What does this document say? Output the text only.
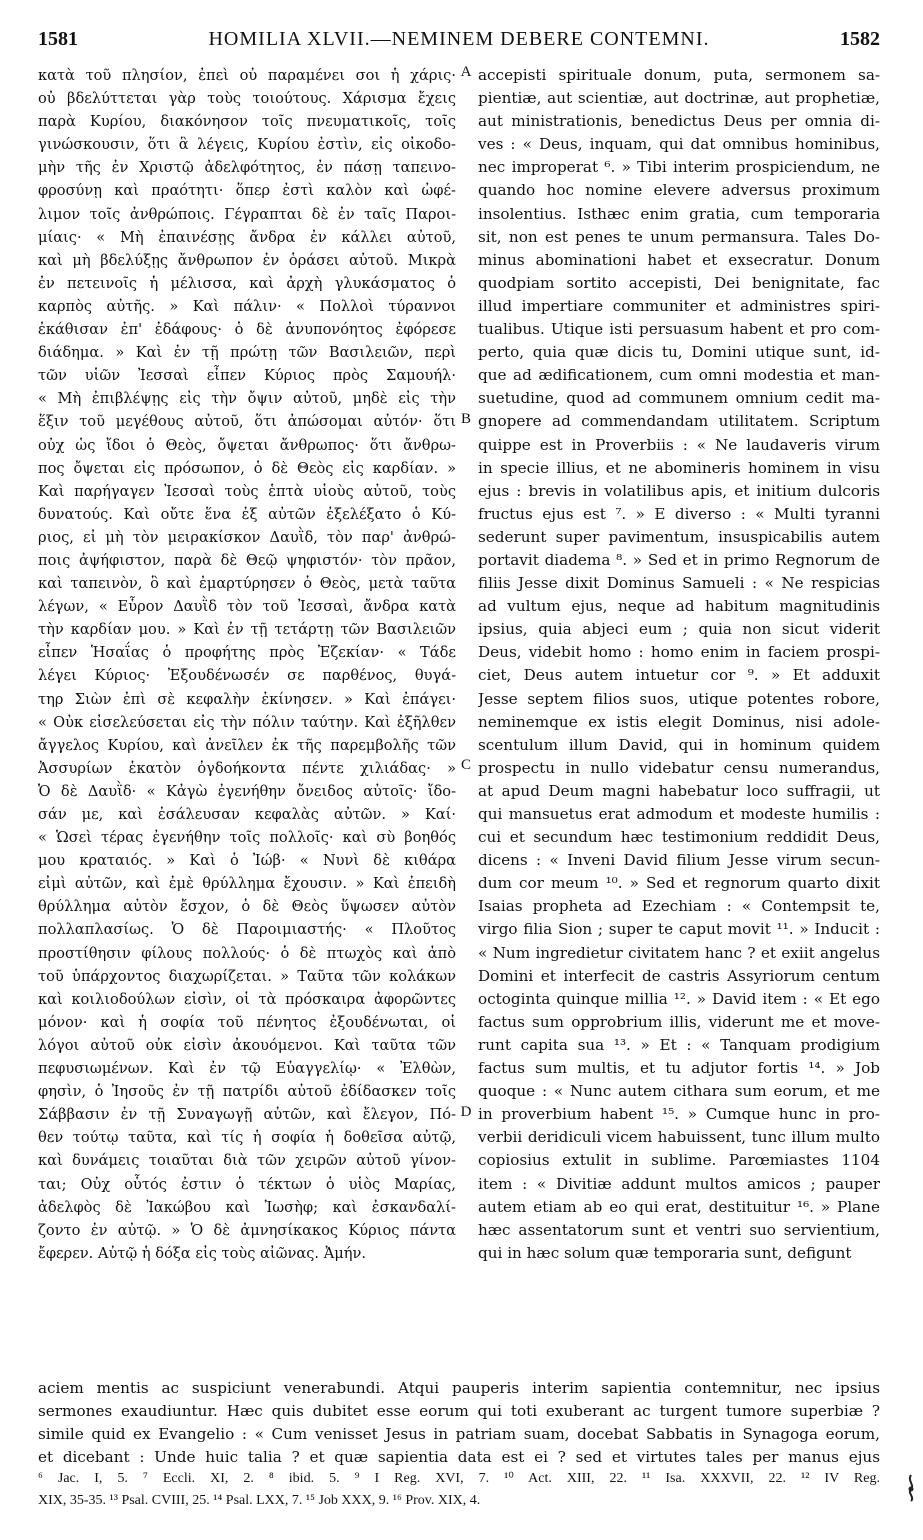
1581	HOMILIA XLVII.—NEMINEM DEBERE CONTEMNI.	1582
κατὰ τοῦ πλησίον, ἐπεὶ οὐ παραμένει σοι ἡ χάρις·
οὐ βδελύττεται γὰρ τοὺς τοιούτους. Χάρισμα ἔχεις
παρὰ Κυρίου, διακόνησον τοῖς πνευματικοῖς, τοῖς
γινώσκουσιν, ὅτι ἃ λέγεις, Κυρίου ἐστὶν, εἰς οἰκοδο-
μὴν τῆς ἐν Χριστῷ ἀδελφότητος, ἐν πάσῃ ταπεινο-
φροσύνῃ καὶ πραότητι· ὅπερ ἐστὶ καλὸν καὶ ὠφέ-
λιμον τοῖς ἀνθρώποις. Γέγραπται δὲ ἐν ταῖς Παροι-
μίαις· « Μὴ ἐπαινέσῃς ἄνδρα ἐν κάλλει αὐτοῦ,
καὶ μὴ βδελύξῃς ἄνθρωπον ἐν ὁράσει αὐτοῦ. Μικρὰ
ἐν πετεινοῖς ἡ μέλισσα, καὶ ἀρχὴ γλυκάσματος ὁ
καρπὸς αὐτῆς. » Καὶ πάλιν· « Πολλοὶ τύραννοι
ἐκάθισαν ἐπ' ἐδάφους· ὁ δὲ ἀνυπονόητος ἐφόρεσε
διάδημα. » Καὶ ἐν τῇ πρώτῃ τῶν Βασιλειῶν, περὶ
τῶν υἱῶν Ἰεσσαὶ εἶπεν Κύριος πρὸς Σαμουήλ·
« Μὴ ἐπιβλέψῃς εἰς τὴν ὄψιν αὐτοῦ, μηδὲ εἰς τὴν
ἕξιν τοῦ μεγέθους αὐτοῦ, ὅτι ἀπώσομαι αὐτόν· ὅτι
οὐχ ὡς ἴδοι ὁ Θεὸς, ὄψεται ἄνθρωπος· ὅτι ἄνθρω-
πος ὄψεται εἰς πρόσωπον, ὁ δὲ Θεὸς εἰς καρδίαν. »
Καὶ παρήγαγεν Ἰεσσαὶ τοὺς ἑπτὰ υἱοὺς αὐτοῦ, τοὺς
δυνατούς. Καὶ οὔτε ἕνα ἐξ αὐτῶν ἐξελέξατο ὁ Κύ-
ριος, εἰ μὴ τὸν μειρακίσκον Δαυῒδ, τὸν παρ' ἀνθρώ-
ποις ἀψήφιστον, παρὰ δὲ Θεῷ ψηφιστόν· τὸν πρᾶον,
καὶ ταπεινὸν, ὃ καὶ ἐμαρτύρησεν ὁ Θεὸς, μετὰ ταῦτα
λέγων, « Εὗρον Δαυῒδ τὸν τοῦ Ἰεσσαὶ, ἄνδρα κατὰ
τὴν καρδίαν μου. » Καὶ ἐν τῇ τετάρτῃ τῶν Βασιλειῶν
εἶπεν Ἡσαΐας ὁ προφήτης πρὸς Ἐζεκίαν· « Τάδε
λέγει Κύριος· Ἐξουδένωσέν σε παρθένος, θυγά-
τηρ Σιὼν ἐπὶ σὲ κεφαλὴν ἐκίνησεν. » Καὶ ἐπάγει·
« Οὐκ εἰσελεύσεται εἰς τὴν πόλιν ταύτην. Καὶ ἐξῆλθεν
ἄγγελος Κυρίου, καὶ ἀνεῖλεν ἐκ τῆς παρεμβολῆς τῶν
Ἀσσυρίων ἑκατὸν ὀγδοήκοντα πέντε χιλιάδας· »
Ὁ δὲ Δαυῒδ· « Κἀγὼ ἐγενήθην ὄνειδος αὐτοῖς· ἴδο-
σάν με, καὶ ἐσάλευσαν κεφαλὰς αὐτῶν. » Καί·
« Ὡσεὶ τέρας ἐγενήθην τοῖς πολλοῖς· καὶ σὺ βοηθός
μου κραταιός. » Καὶ ὁ Ἰώβ· « Νυνὶ δὲ κιθάρα
εἰμὶ αὐτῶν, καὶ ἐμὲ θρύλλημα ἔχουσιν. » Καὶ ἐπειδὴ
θρύλλημα αὐτὸν ἔσχον, ὁ δὲ Θεὸς ὕψωσεν αὐτὸν
πολλαπλασίως. Ὁ δὲ Παροιμιαστής· « Πλοῦτος
προστίθησιν φίλους πολλούς· ὁ δὲ πτωχὸς καὶ ἀπὸ
τοῦ ὑπάρχοντος διαχωρίζεται. » Ταῦτα τῶν κολάκων
καὶ κοιλιοδούλων εἰσὶν, οἱ τὰ πρόσκαιρα ἀφορῶντες
μόνον· καὶ ἡ σοφία τοῦ πένητος ἐξουδένωται, οἱ
λόγοι αὐτοῦ οὐκ εἰσὶν ἀκουόμενοι. Καὶ ταῦτα τῶν
πεφυσιωμένων. Καὶ ἐν τῷ Εὐαγγελίῳ· « Ἐλθὼν,
φησὶν, ὁ Ἰησοῦς ἐν τῇ πατρίδι αὐτοῦ ἐδίδασκεν τοῖς
Σάββασιν ἐν τῇ Συναγωγῇ αὐτῶν, καὶ ἔλεγον, Πό-
θεν τούτῳ ταῦτα, καὶ τίς ἡ σοφία ἡ δοθεῖσα αὐτῷ,
καὶ δυνάμεις τοιαῦται διὰ τῶν χειρῶν αὐτοῦ γίνον-
ται; Οὐχ οὗτός ἐστιν ὁ τέκτων ὁ υἱὸς Μαρίας,
ἀδελφὸς δὲ Ἰακώβου καὶ Ἰωσὴφ; καὶ ἐσκανδαλί-
ζοντο ἐν αὐτῷ. » Ὁ δὲ ἀμνησίκακος Κύριος πάντα
ἔφερεν. Αὐτῷ ἡ δόξα εἰς τοὺς αἰῶνας. Ἀμήν.
A
B
C
D
accepisti spirituale donum, puta, sermonem sa-
pientiæ, aut scientiæ, aut doctrinæ, aut prophetiæ,
aut ministrationis, benedictus Deus per omnia di-
ves : « Deus, inquam, qui dat omnibus hominibus,
nec improperat ⁶. » Tibi interim prospiciendum, ne
quando hoc nomine elevere adversus proximum
insolentius. Isthæc enim gratia, cum temporaria
sit, non est penes te unum permansura. Tales Do-
minus abominationi habet et exsecratur. Donum
quodpiam sortito accepisti, Dei benignitate, fac
illud impertiare communiter et administres spiri-
tualibus. Utique isti persuasum habent et pro com-
perto, quia quæ dicis tu, Domini utique sunt, id-
que ad ædificationem, cum omni modestia et man-
suetudine, quod ad communem omnium cedit ma-
gnopere ad commendandam utilitatem. Scriptum
quippe est in Proverbiis : « Ne laudaveris virum
in specie illius, et ne abomineris hominem in visu
ejus : brevis in volatilibus apis, et initium dulcoris
fructus ejus est ⁷. » E diverso : « Multi tyranni
sederunt super pavimentum, insuspicabilis autem
portavit diadema ⁸. » Sed et in primo Regnorum de
filiis Jesse dixit Dominus Samueli : « Ne respicias
ad vultum ejus, neque ad habitum magnitudinis
ipsius, quia abjeci eum ; quia non sicut viderit
Deus, videbit homo : homo enim in faciem prospi-
ciet, Deus autem intuetur cor ⁹. » Et adduxit
Jesse septem filios suos, utique potentes robore,
neminemque ex istis elegit Dominus, nisi adole-
scentulum illum David, qui in hominum quidem
prospectu in nullo videbatur censu numerandus,
at apud Deum magni habebatur loco suffragii, ut
qui mansuetus erat admodum et modeste humilis :
cui et secundum hæc testimonium reddidit Deus,
dicens : « Inveni David filium Jesse virum secun-
dum cor meum ¹⁰. » Sed et regnorum quarto dixit
Isaias propheta ad Ezechiam : « Contempsit te,
virgo filia Sion ; super te caput movit ¹¹. » Inducit :
« Num ingredietur civitatem hanc ? et exiit angelus
Domini et interfecit de castris Assyriorum centum
octoginta quinque millia ¹². » David item : « Et ego
factus sum opprobrium illis, viderunt me et move-
runt capita sua ¹³. » Et : « Tanquam prodigium
factus sum multis, et tu adjutor fortis ¹⁴. » Job
quoque : « Nunc autem cithara sum eorum, et me
in proverbium habent ¹⁵. » Cumque hunc in pro-
verbii deridiculi vicem habuissent, tunc illum multo
copiosius extulit in sublime. Parœmiastes 1104
item : « Divitiæ addunt multos amicos ; pauper
autem etiam ab eo qui erat, destituitur ¹⁶. » Plane
hæc assentatorum sunt et ventri suo servientium,
qui in hæc solum quæ temporaria sunt, defigunt
aciem mentis ac suspiciunt venerabundi. Atqui pauperis interim sapientia contemnitur, nec ipsius
sermones exaudiuntur. Hæc quis dubitet esse eorum qui toti exuberant ac turgent tumore superbiæ ?
simile quid ex Evangelio : « Cum venisset Jesus in patriam suam, docebat Sabbatis in Synagoga eorum,
et dicebant : Unde huic talia ? et quæ sapientia data est ei ? sed et virtutes tales per manus ejus
⁶ Jac. I, 5. ⁷ Eccli. XI, 2. ⁸ ibid. 5. ⁹ I Reg. XVI, 7. ¹⁰ Act. XIII, 22. ¹¹ Isa. XXXVII, 22. ¹² IV Reg.
XIX, 35-35. ¹³ Psal. CVIII, 25. ¹⁴ Psal. LXX, 7. ¹⁵ Job XXX, 9. ¹⁶ Prov. XIX, 4.
